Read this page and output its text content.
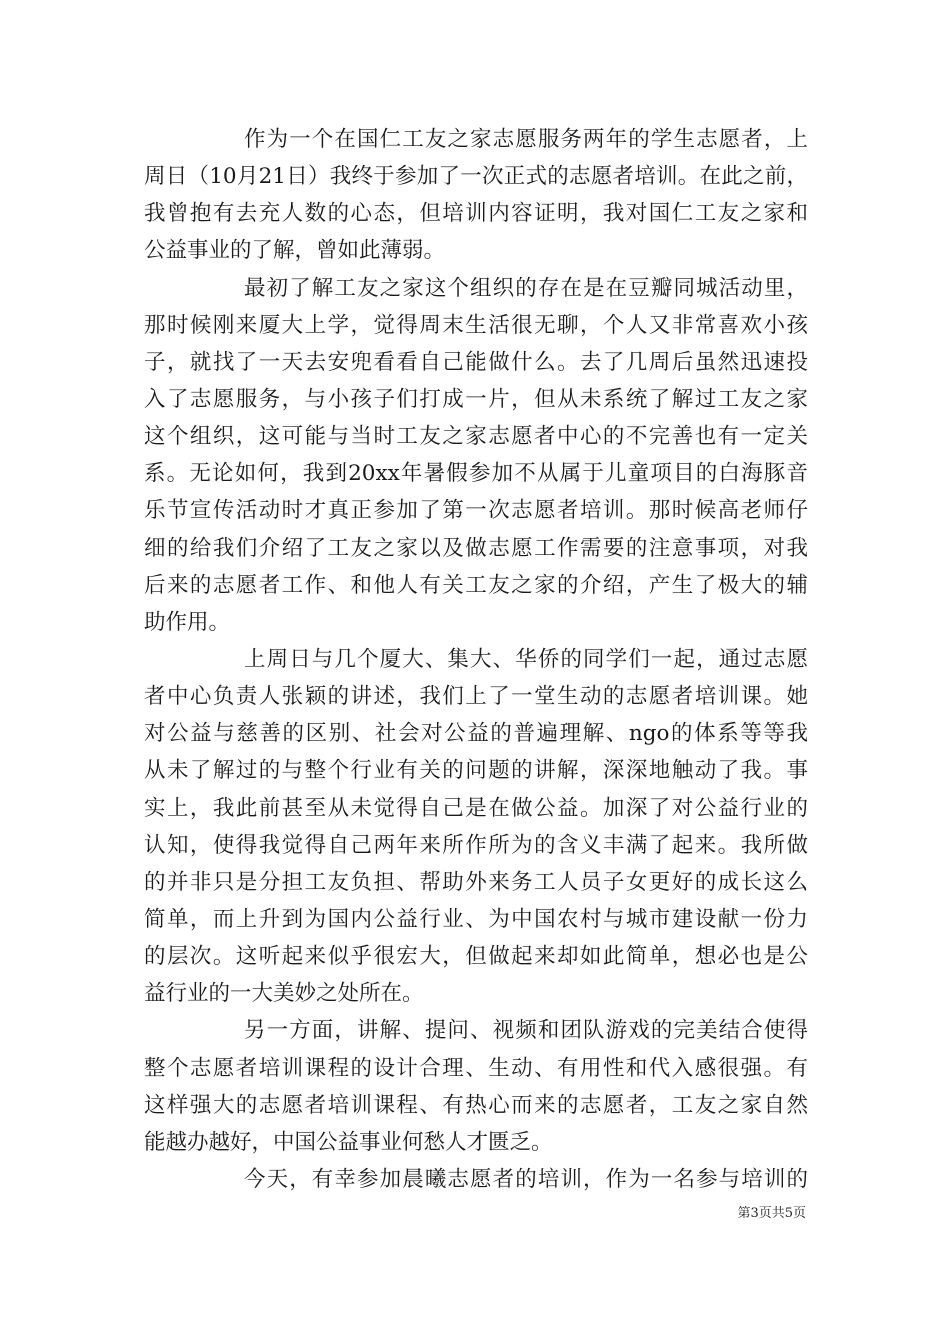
作为一个在国仁工友之家志愿服务两年的学生志愿者，上
周日（10月21日）我终于参加了一次正式的志愿者培训。在此之前，
我曾抱有去充人数的心态，但培训内容证明，我对国仁工友之家和
公益事业的了解，曾如此薄弱。
最初了解工友之家这个组织的存在是在豆瓣同城活动里，
那时候刚来厦大上学，觉得周末生活很无聊，个人又非常喜欢小孩
子，就找了一天去安兜看看自己能做什么。去了几周后虽然迅速投
入了志愿服务，与小孩子们打成一片，但从未系统了解过工友之家
这个组织，这可能与当时工友之家志愿者中心的不完善也有一定关
系。无论如何，我到20xx年暑假参加不从属于儿童项目的白海豚音
乐节宣传活动时才真正参加了第一次志愿者培训。那时候高老师仔
细的给我们介绍了工友之家以及做志愿工作需要的注意事项，对我
后来的志愿者工作、和他人有关工友之家的介绍，产生了极大的辅
助作用。
上周日与几个厦大、集大、华侨的同学们一起，通过志愿
者中心负责人张颖的讲述，我们上了一堂生动的志愿者培训课。她
对公益与慈善的区别、社会对公益的普遍理解、ngo的体系等等我
从未了解过的与整个行业有关的问题的讲解，深深地触动了我。事
实上，我此前甚至从未觉得自己是在做公益。加深了对公益行业的
认知，使得我觉得自己两年来所作所为的含义丰满了起来。我所做
的并非只是分担工友负担、帮助外来务工人员子女更好的成长这么
简单，而上升到为国内公益行业、为中国农村与城市建设献一份力
的层次。这听起来似乎很宏大，但做起来却如此简单，想必也是公
益行业的一大美妙之处所在。
另一方面，讲解、提问、视频和团队游戏的完美结合使得
整个志愿者培训课程的设计合理、生动、有用性和代入感很强。有
这样强大的志愿者培训课程、有热心而来的志愿者，工友之家自然
能越办越好，中国公益事业何愁人才匮乏。
今天，有幸参加晨曦志愿者的培训，作为一名参与培训的
第3页共5页
